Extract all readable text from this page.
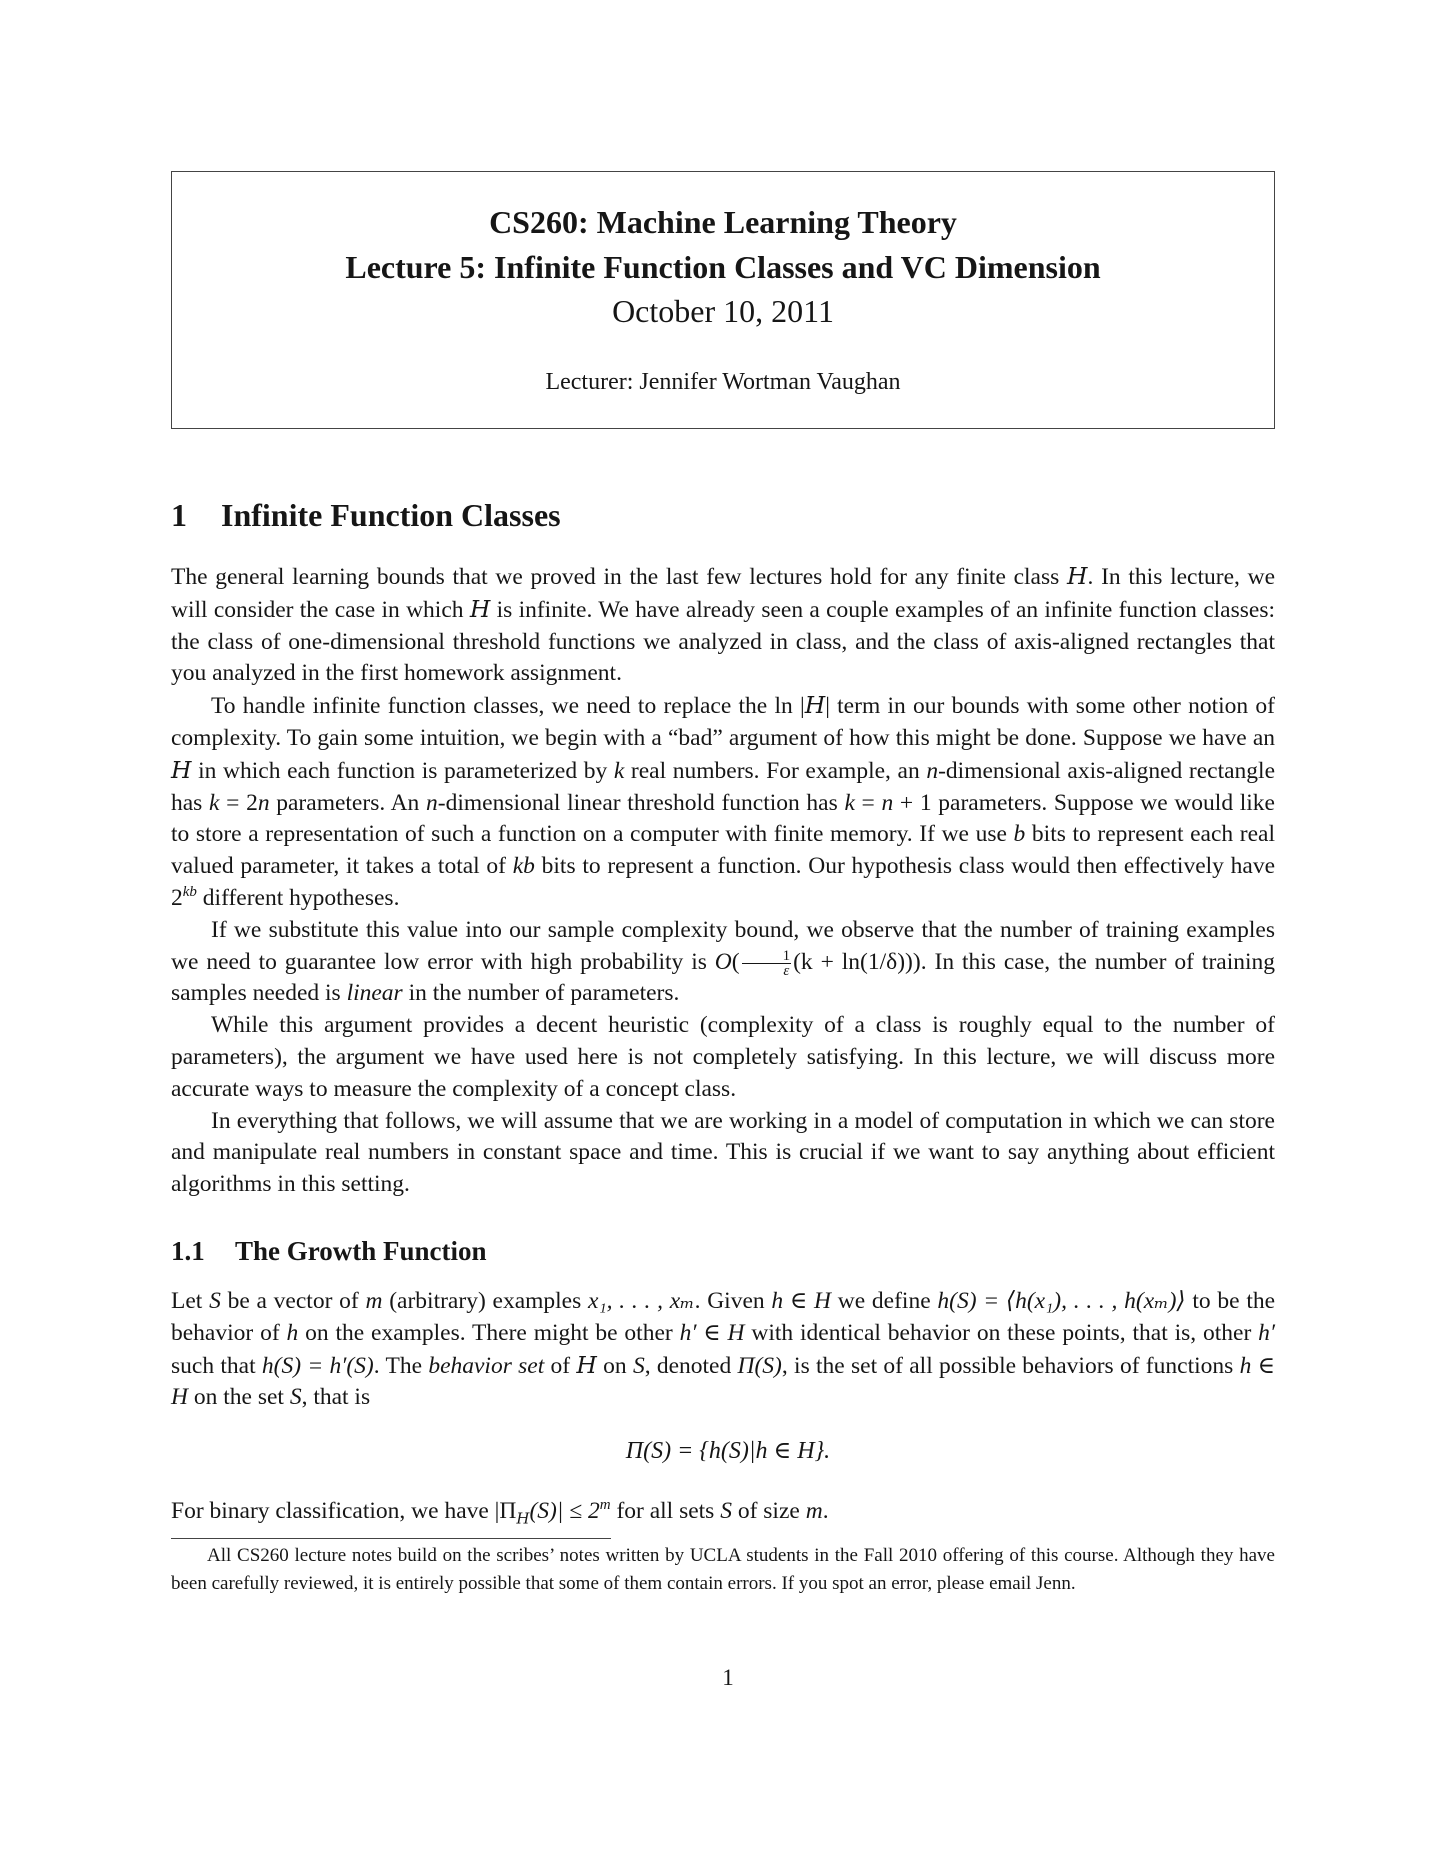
CS260: Machine Learning Theory
Lecture 5: Infinite Function Classes and VC Dimension
October 10, 2011
Lecturer: Jennifer Wortman Vaughan
1 Infinite Function Classes

The general learning bounds that we proved in the last few lectures hold for any finite class H. In this lecture, we will consider the case in which H is infinite. We have already seen a couple examples of an infinite function classes: the class of one-dimensional threshold functions we analyzed in class, and the class of axis-aligned rectangles that you analyzed in the first homework assignment.

To handle infinite function classes, we need to replace the ln |H| term in our bounds with some other notion of complexity. To gain some intuition, we begin with a “bad” argument of how this might be done. Suppose we have an H in which each function is parameterized by k real numbers. For example, an n-dimensional axis-aligned rectangle has k = 2n parameters. An n-dimensional linear threshold function has k = n + 1 parameters. Suppose we would like to store a representation of such a function on a computer with finite memory. If we use b bits to represent each real valued parameter, it takes a total of kb bits to represent a function. Our hypothesis class would then effectively have $2^{kb}$ different hypotheses.

If we substitute this value into our sample complexity bound, we observe that the number of training examples we need to guarantee low error with high probability is $O( \frac{1}{\varepsilon} (k + \ln(1/\delta)))$. In this case, the number of training samples needed is linear in the number of parameters.

While this argument provides a decent heuristic (complexity of a class is roughly equal to the number of parameters), the argument we have used here is not completely satisfying. In this lecture, we will discuss more accurate ways to measure the complexity of a concept class.

In everything that follows, we will assume that we are working in a model of computation in which we can store and manipulate real numbers in constant space and time. This is crucial if we want to say anything about efficient algorithms in this setting.

1.1 The Growth Function

Let S be a vector of m (arbitrary) examples x₁, . . . , xₘ. Given h ∈ H we define h(S) = ⟨h(x₁), . . . , h(xₘ)⟩ to be the behavior of h on the examples. There might be other h′ ∈ H with identical behavior on these points, that is, other h′ such that h(S) = h′(S). The behavior set of H on S, denoted Π(S), is the set of all possible behaviors of functions h ∈ H on the set S, that is

Π(S) = {h(S)|h ∈ H}.
For binary classification, we have $|\Pi_H(S)| \le 2^m$ for all sets S of size m.
All CS260 lecture notes build on the scribes’ notes written by UCLA students in the Fall 2010 offering of this course. Although they have been carefully reviewed, it is entirely possible that some of them contain errors. If you spot an error, please email Jenn.
1
